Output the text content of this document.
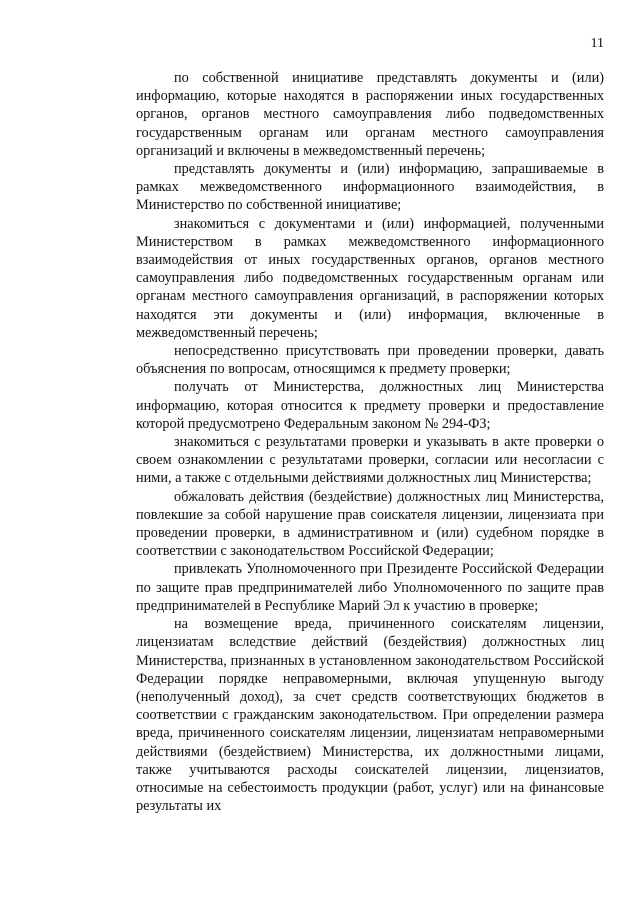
11

по собственной инициативе представлять документы и (или) информацию, которые находятся в распоряжении иных государственных органов, органов местного самоуправления либо подведомственных государственным органам или органам местного самоуправления организаций и включены в межведомственный перечень;

представлять документы и (или) информацию, запрашиваемые в рамках межведомственного информационного взаимодействия, в Министерство по собственной инициативе;

знакомиться с документами и (или) информацией, полученными Министерством в рамках межведомственного информационного взаимодействия от иных государственных органов, органов местного самоуправления либо подведомственных государственным органам или органам местного самоуправления организаций, в распоряжении которых находятся эти документы и (или) информация, включенные в межведомственный перечень;

непосредственно присутствовать при проведении проверки, давать объяснения по вопросам, относящимся к предмету проверки;

получать от Министерства, должностных лиц Министерства информацию, которая относится к предмету проверки и предоставление которой предусмотрено Федеральным законом № 294-ФЗ;

знакомиться с результатами проверки и указывать в акте проверки о своем ознакомлении с результатами проверки, согласии или несогласии с ними, а также с отдельными действиями должностных лиц Министерства;

обжаловать действия (бездействие) должностных лиц Министерства, повлекшие за собой нарушение прав соискателя лицензии, лицензиата при проведении проверки, в административном и (или) судебном порядке в соответствии с законодательством Российской Федерации;

привлекать Уполномоченного при Президенте Российской Федерации по защите прав предпринимателей либо Уполномоченного по защите прав предпринимателей в Республике Марий Эл к участию в проверке;

на возмещение вреда, причиненного соискателям лицензии, лицензиатам вследствие действий (бездействия) должностных лиц Министерства, признанных в установленном законодательством Российской Федерации порядке неправомерными, включая упущенную выгоду (неполученный доход), за счет средств соответствующих бюджетов в соответствии с гражданским законодательством. При определении размера вреда, причиненного соискателям лицензии, лицензиатам неправомерными действиями (бездействием) Министерства, их должностными лицами, также учитываются расходы соискателей лицензии, лицензиатов, относимые на себестоимость продукции (работ, услуг) или на финансовые результаты их
